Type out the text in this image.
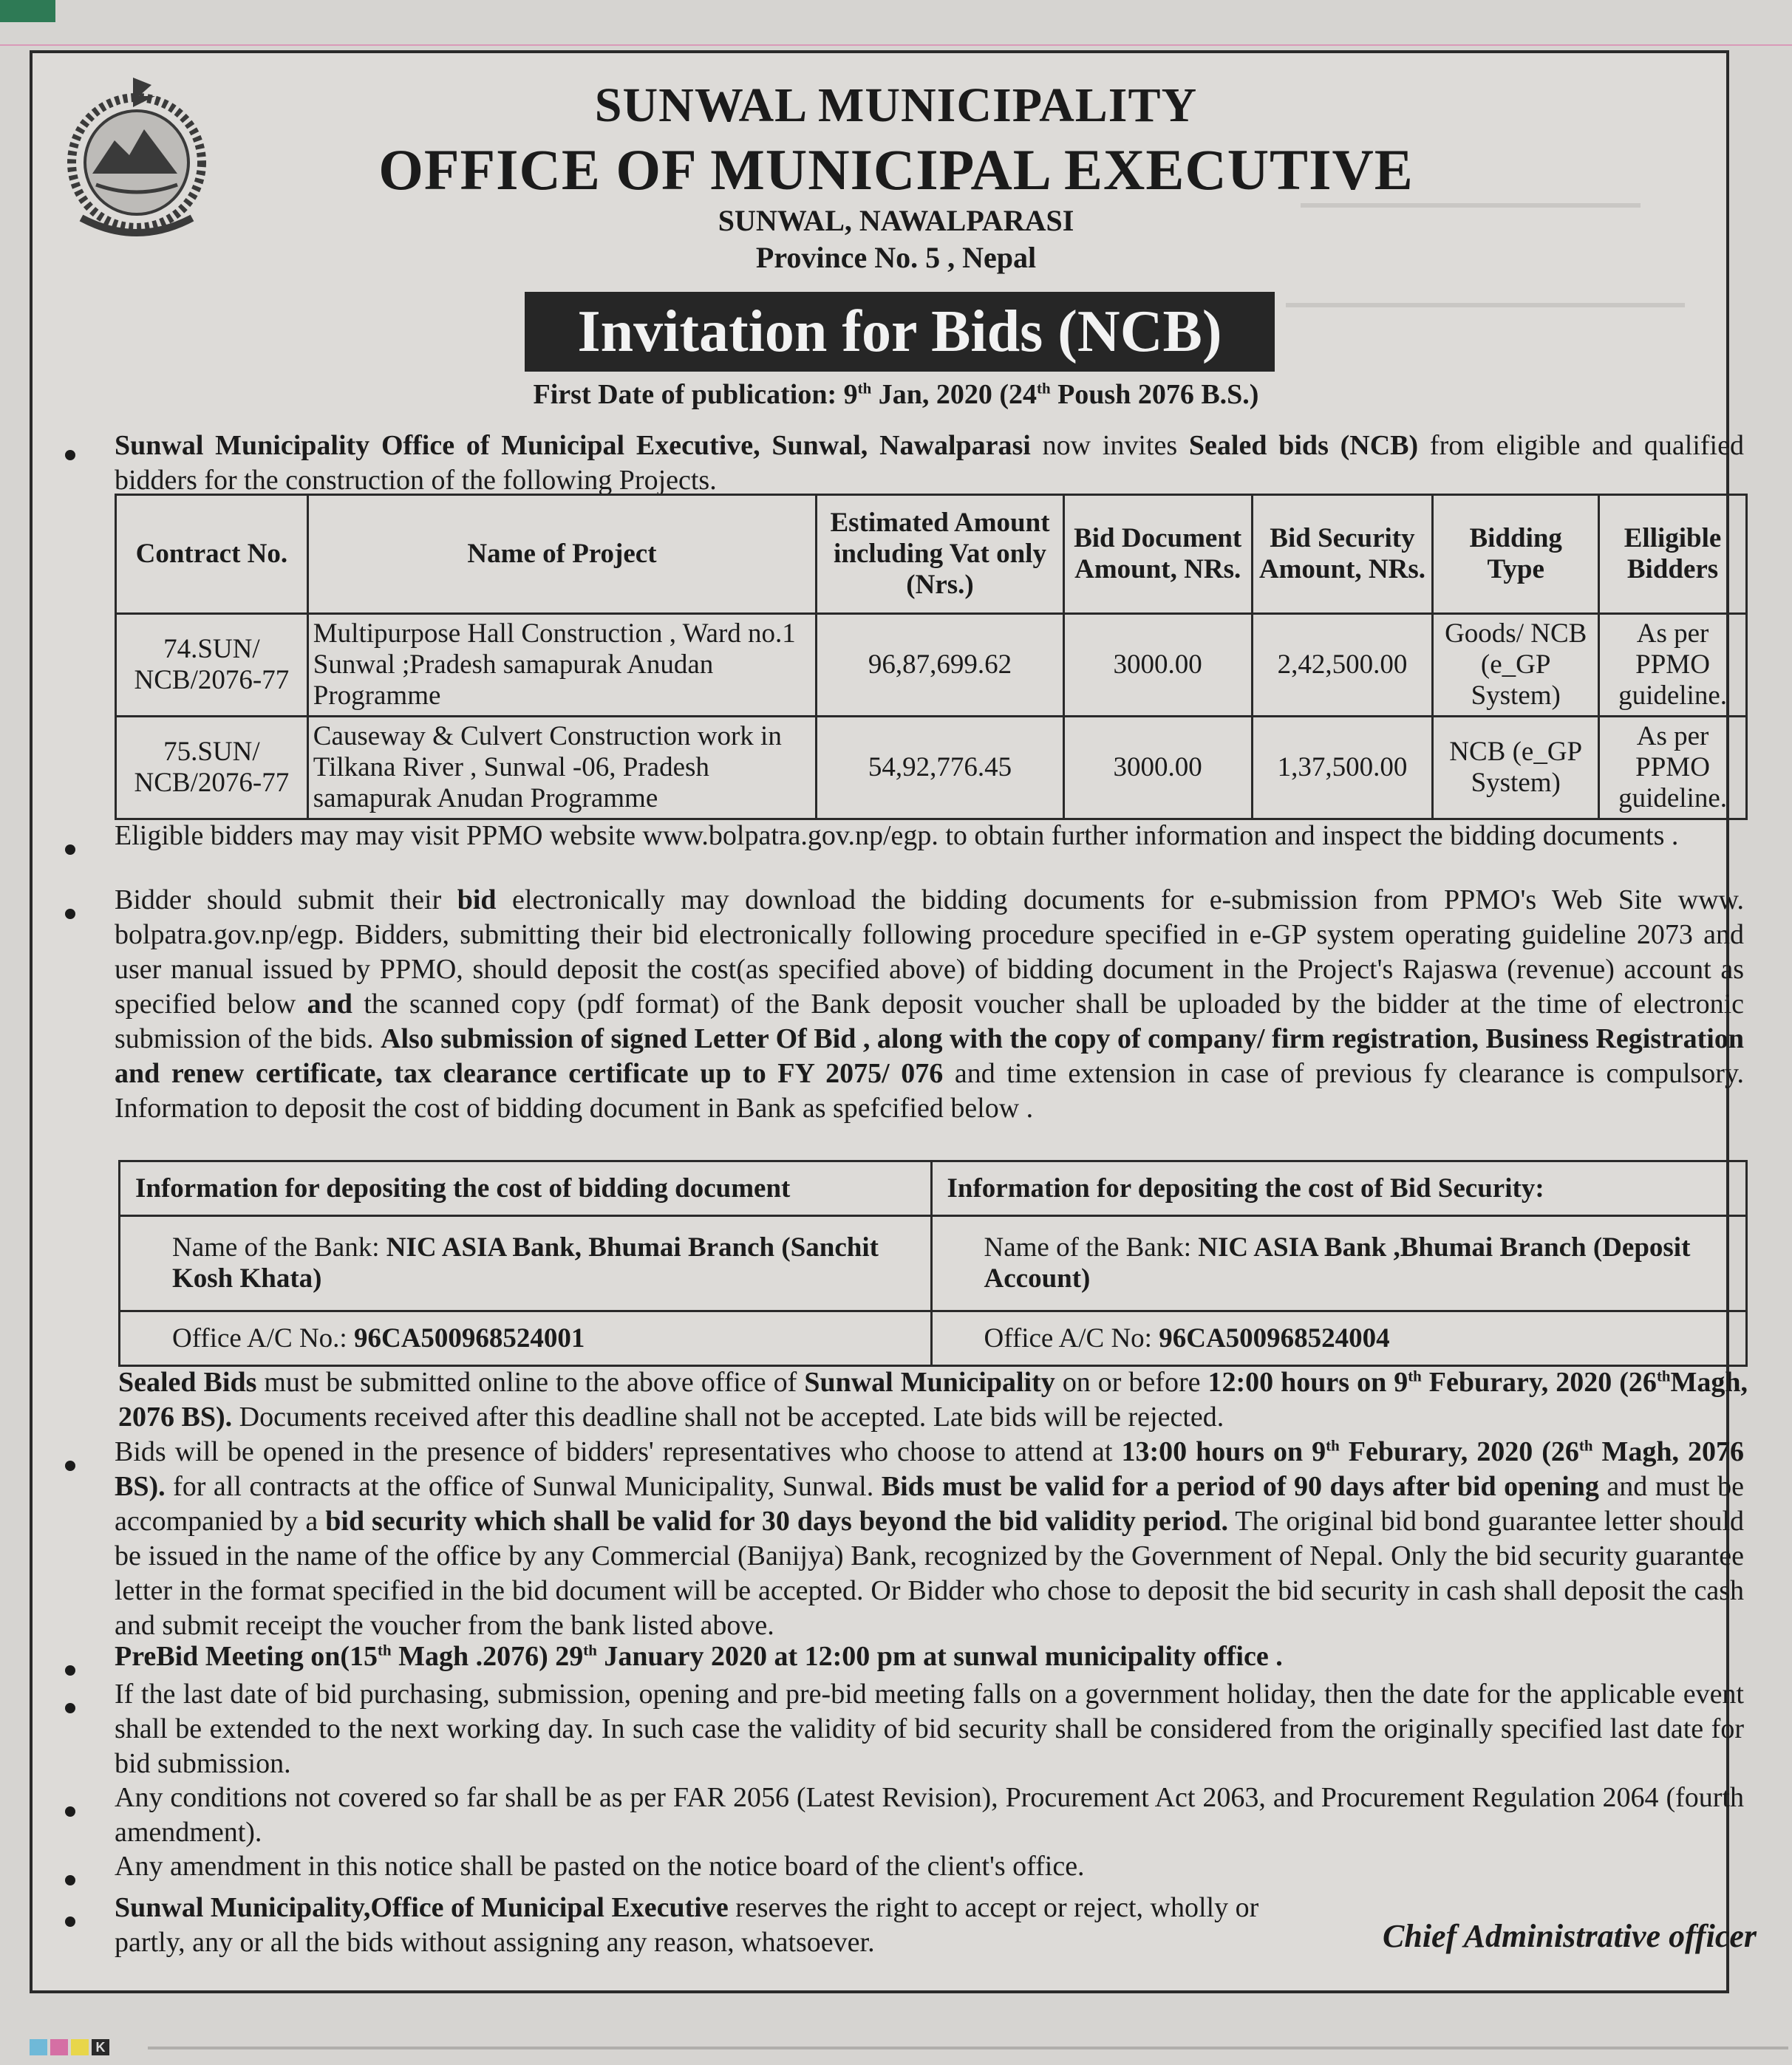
SUNWAL MUNICIPALITY
OFFICE OF MUNICIPAL EXECUTIVE
SUNWAL, NAWALPARASI
Province No. 5 , Nepal
Invitation for Bids (NCB)
First Date of publication: 9th Jan, 2020 (24th Poush 2076 B.S.)
Sunwal Municipality Office of Municipal Executive, Sunwal, Nawalparasi now invites Sealed bids (NCB) from eligible and qualified bidders for the construction of the following Projects.
Contract No.	Name of Project	Estimated Amount including Vat only (Nrs.)	Bid Document Amount, NRs.	Bid Security Amount, NRs.	Bidding Type	Elligible Bidders
74.SUN/ NCB/2076-77	Multipurpose Hall Construction , Ward no.1 Sunwal ;Pradesh samapurak Anudan Programme	96,87,699.62	3000.00	2,42,500.00	Goods/ NCB (e_GP System)	As per PPMO guideline.
75.SUN/ NCB/2076-77	Causeway & Culvert Construction work in Tilkana River , Sunwal -06, Pradesh samapurak Anudan Programme	54,92,776.45	3000.00	1,37,500.00	NCB (e_GP System)	As per PPMO guideline.
Eligible bidders may may visit PPMO website www.bolpatra.gov.np/egp. to obtain further information and inspect the bidding documents .
Bidder should submit their bid electronically may download the bidding documents for e-submission from PPMO's Web Site www. bolpatra.gov.np/egp. Bidders, submitting their bid electronically following procedure specified in e-GP system operating guideline 2073 and user manual issued by PPMO, should deposit the cost(as specified above) of bidding document in the Project's Rajaswa (revenue) account as specified below and the scanned copy (pdf format) of the Bank deposit voucher shall be uploaded by the bidder at the time of electronic submission of the bids. Also submission of signed Letter Of Bid , along with the copy of company/ firm registration, Business Registration and renew certificate, tax clearance certificate up to FY 2075/ 076 and time extension in case of previous fy clearance is compulsory. Information to deposit the cost of bidding document in Bank as spefcified below .
Information for depositing the cost of bidding document	Information for depositing the cost of Bid Security:
Name of the Bank: NIC ASIA Bank, Bhumai Branch (Sanchit Kosh Khata)	Name of the Bank: NIC ASIA Bank ,Bhumai Branch (Deposit Account)
Office A/C No.: 96CA500968524001	Office A/C No: 96CA500968524004
Sealed Bids must be submitted online to the above office of Sunwal Municipality on or before 12:00 hours on 9th Feburary, 2020 (26thMagh, 2076 BS). Documents received after this deadline shall not be accepted. Late bids will be rejected.
Bids will be opened in the presence of bidders' representatives who choose to attend at 13:00 hours on 9th Feburary, 2020 (26th Magh, 2076 BS). for all contracts at the office of Sunwal Municipality, Sunwal. Bids must be valid for a period of 90 days after bid opening and must be accompanied by a bid security which shall be valid for 30 days beyond the bid validity period. The original bid bond guarantee letter should be issued in the name of the office by any Commercial (Banijya) Bank, recognized by the Government of Nepal. Only the bid security guarantee letter in the format specified in the bid document will be accepted. Or Bidder who chose to deposit the bid security in cash shall deposit the cash and submit receipt the voucher from the bank listed above.
PreBid Meeting on(15th Magh .2076) 29th January 2020 at 12:00 pm at sunwal municipality office .
If the last date of bid purchasing, submission, opening and pre-bid meeting falls on a government holiday, then the date for the applicable event shall be extended to the next working day. In such case the validity of bid security shall be considered from the originally specified last date for bid submission.
Any conditions not covered so far shall be as per FAR 2056 (Latest Revision), Procurement Act 2063, and Procurement Regulation 2064 (fourth amendment).
Any amendment in this notice shall be pasted on the notice board of the client's office.
Sunwal Municipality,Office of Municipal Executive reserves the right to accept or reject, wholly or partly, any or all the bids without assigning any reason, whatsoever.	Chief Administrative officer
K
